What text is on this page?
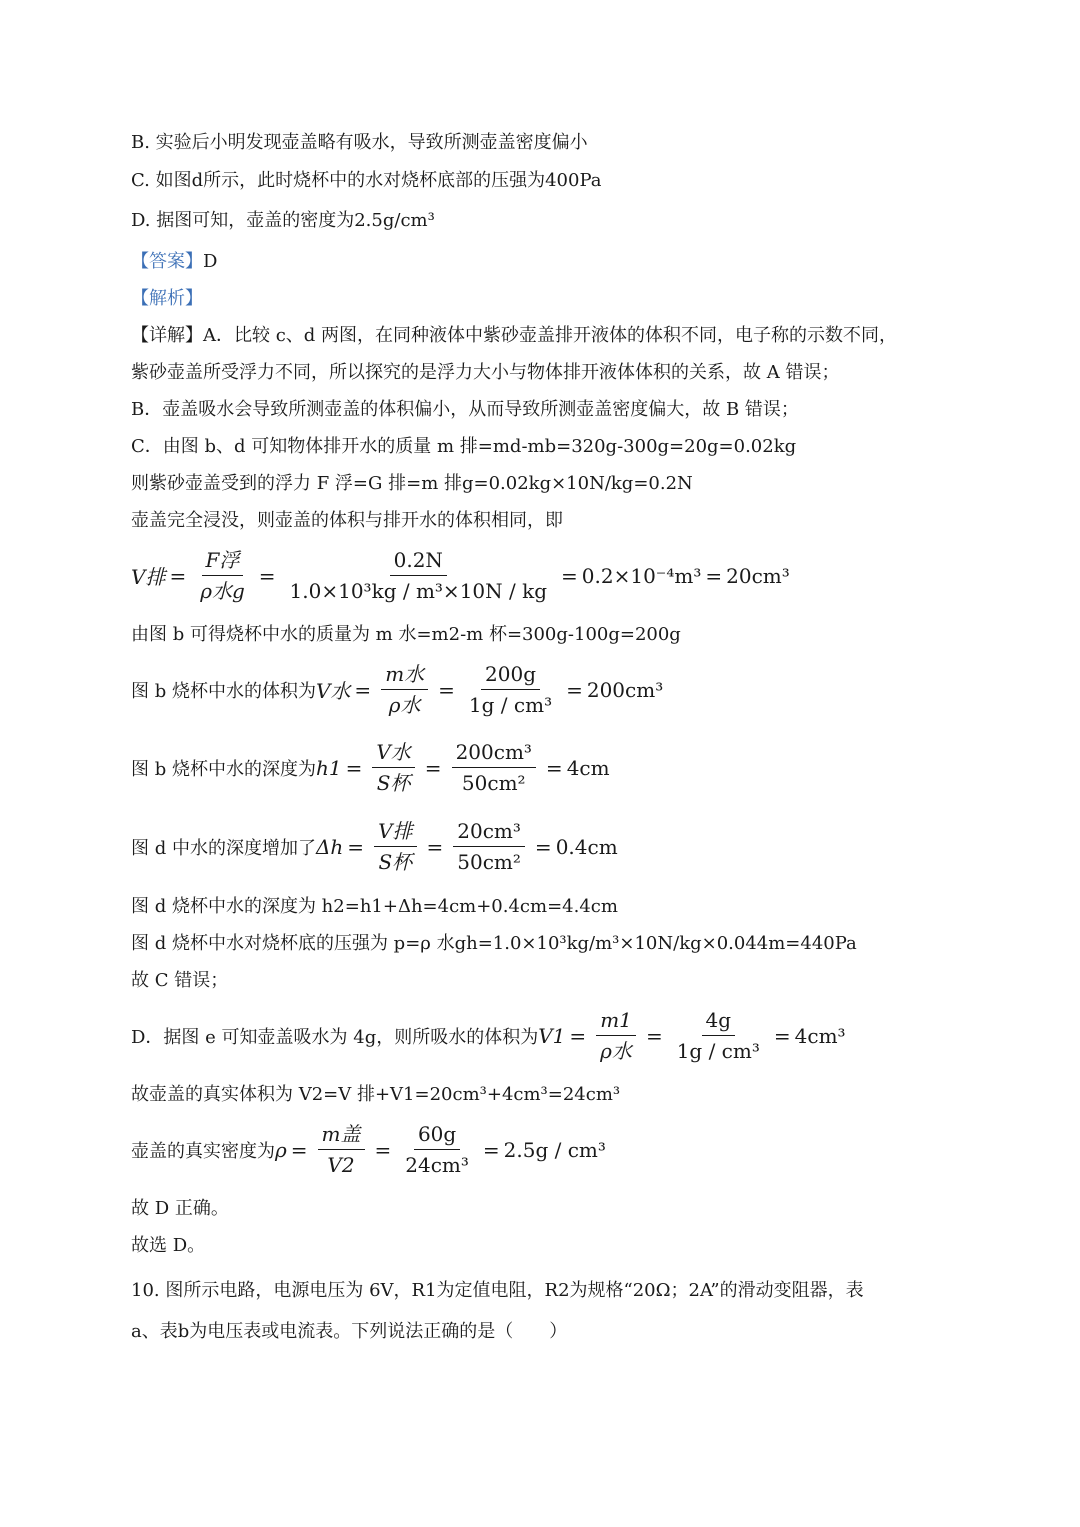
B. 实验后小明发现壶盖略有吸水，导致所测壶盖密度偏小
C. 如图d所示，此时烧杯中的水对烧杯底部的压强为400Pa
D. 据图可知，壶盖的密度为2.5g/cm³
【答案】D
【解析】
【详解】A．比较 c、d 两图，在同种液体中紫砂壶盖排开液体的体积不同，电子称的示数不同，
紫砂壶盖所受浮力不同，所以探究的是浮力大小与物体排开液体体积的关系，故 A 错误；
B．壶盖吸水会导致所测壶盖的体积偏小，从而导致所测壶盖密度偏大，故 B 错误；
C．由图 b、d 可知物体排开水的质量 m 排=md-mb=320g-300g=20g=0.02kg
则紫砂壶盖受到的浮力 F 浮=G 排=m 排g=0.02kg×10N/kg=0.2N
壶盖完全浸没，则壶盖的体积与排开水的体积相同，即
V排 = $\frac{\text{F浮}}{\text{ρ水g}} = \frac{0.2N}{\text{1.0×10³kg / m³×10N / kg}} = 0.2\times 10^{-4}m^3 = 20cm^3$
由图 b 可得烧杯中水的质量为 m 水=m2-m 杯=300g-100g=200g
图 b 烧杯中水的体积为 V水 = $\frac{\text{m水}}{\text{ρ水}} = \frac{200g}{\text{1g / cm³}} = 200cm^3$
图 b 烧杯中水的深度为 $h1 = \frac{\text{V水}}{\text{S杯}} = \frac{\text{200cm³}}{\text{50cm²}} = 4cm$
图 d 中水的深度增加了 $\Delta h = \frac{\text{V排}}{\text{S杯}} = \frac{\text{20cm³}}{\text{50cm²}} = 0.4cm$
图 d 烧杯中水的深度为 h2=h1+Δh=4cm+0.4cm=4.4cm
图 d 烧杯中水对烧杯底的压强为 p=ρ 水gh=1.0×10³kg/m³×10N/kg×0.044m=440Pa
故 C 错误；
D．据图 e 可知壶盖吸水为 4g，则所吸水的体积为 $V1 = \frac{m1}{\text{ρ水}} = \frac{4g}{\text{1g / cm³}} = 4cm^3$
故壶盖的真实体积为 V2=V 排+V1=20cm³+4cm³=24cm³
壶盖的真实密度为 $\rho = \frac{\text{m盖}}{V2} = \frac{60g}{\text{24cm³}} = 2.5g / cm^3$
故 D 正确。
故选 D。
10. 图所示电路，电源电压为 6V，R1为定值电阻，R2为规格“20Ω；2A”的滑动变阻器，表
a、表b为电压表或电流表。下列说法正确的是（　　）
